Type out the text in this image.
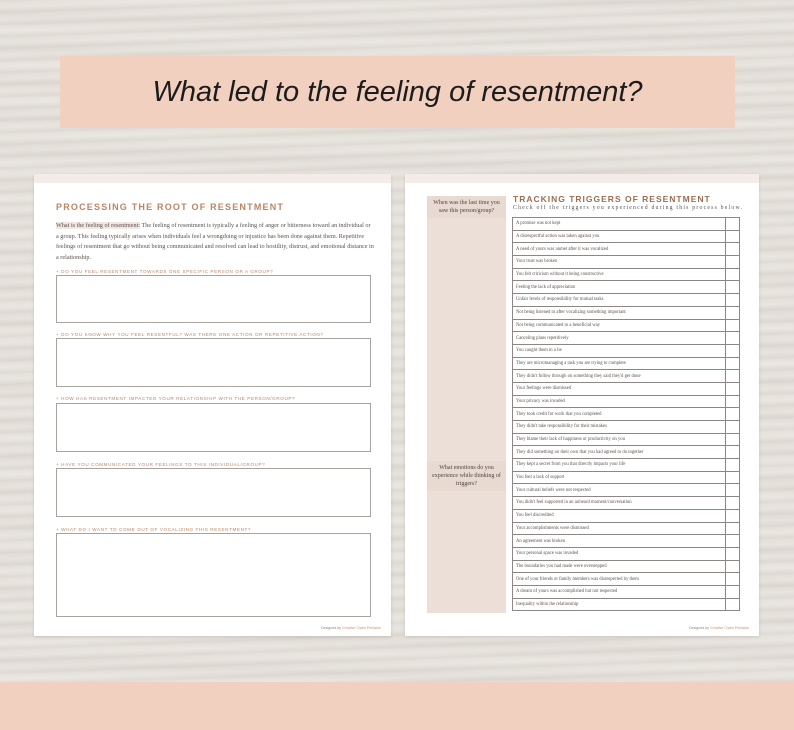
What led to the feeling of resentment?
PROCESSING THE ROOT OF RESENTMENT

What is the feeling of resentment: The feeling of resentment is typically a feeling of anger or bitterness toward an individual or a group. This feeling typically arises when individuals feel a wrongdoing or injustice has been done against them. Repetitive feelings of resentment that go without being communicated and resolved can lead to hostility, distrust, and emotional distance in a relationship.

+ DO YOU FEEL RESENTMENT TOWARDS ONE SPECIFIC PERSON OR A GROUP?
+ DO YOU KNOW WHY YOU FEEL RESENTFUL? WAS THERE ONE ACTION OR REPETITIVE ACTION?
+ HOW HAS RESENTMENT IMPACTED YOUR RELATIONSHIP WITH THE PERSON/GROUP?
+ HAVE YOU COMMUNICATED YOUR FEELINGS TO THIS INDIVIDUAL/GROUP?
+ WHAT DO I WANT TO COME OUT OF VOCALIZING THIS RESENTMENT?
Designed by Creative Claire Printable
When was the last time you saw this person/group?
What emotions do you experience while thinking of triggers?
TRACKING TRIGGERS OF RESENTMENT
Check off the triggers you experienced during this process below.
A promise was not kept	
A disrespectful action was taken against you	
A need of yours was unmet after it was vocalized	
Your trust was broken	
You felt criticism without it being constructive	
Feeling the lack of appreciation	
Unfair levels of responsibility for mutual tasks	
Not being listened to after vocalizing something important	
Not being communicated to a beneficial way	
Canceling plans repetitively	
You caught them in a lie	
They are micromanaging a task you are trying to complete	
They didn't follow through on something they said they'd get done	
Your feelings were dismissed	
Your privacy was invaded	
They took credit for work that you completed	
They didn't take responsibility for their mistakes	
They blame their lack of happiness or productivity on you	
They did something on their own that you had agreed to do together	
They kept a secret from you that directly impacts your life	
You feel a lack of support	
Your cultural beliefs were not respected	
You didn't feel supported in an unheard moment/conversation	
You feel discredited	
Your accomplishments were dismissed	
An agreement was broken	
Your personal space was invaded	
The boundaries you had made were overstepped	
One of your friends or family members was disrespected by them	
A dream of yours was accomplished but not respected	
Inequality within the relationship	
Designed by Creative Claire Printable
